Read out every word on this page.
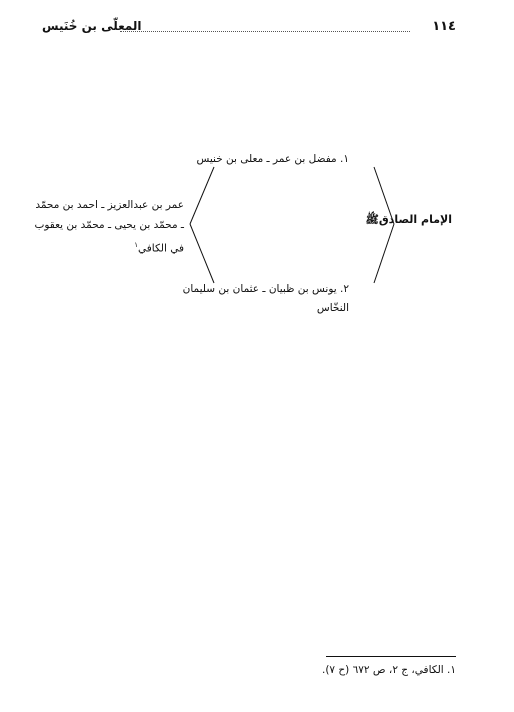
١١٤
المعلّى بن خُنَيس
الإمام الصادقﷺ
١. مفضل بن عمر ـ معلى بن خنيس
٢. يونس بن ظبيان ـ عثمان بن سليمان النخّاس
عمر بن عبدالعزيز ـ احمد بن محمّد ـ محمّد بن يحيى ـ محمّد بن يعقوب في الكافي$^١$
١. الكافي، ج ٢، ص ٦٧٢ (ح ٧).
